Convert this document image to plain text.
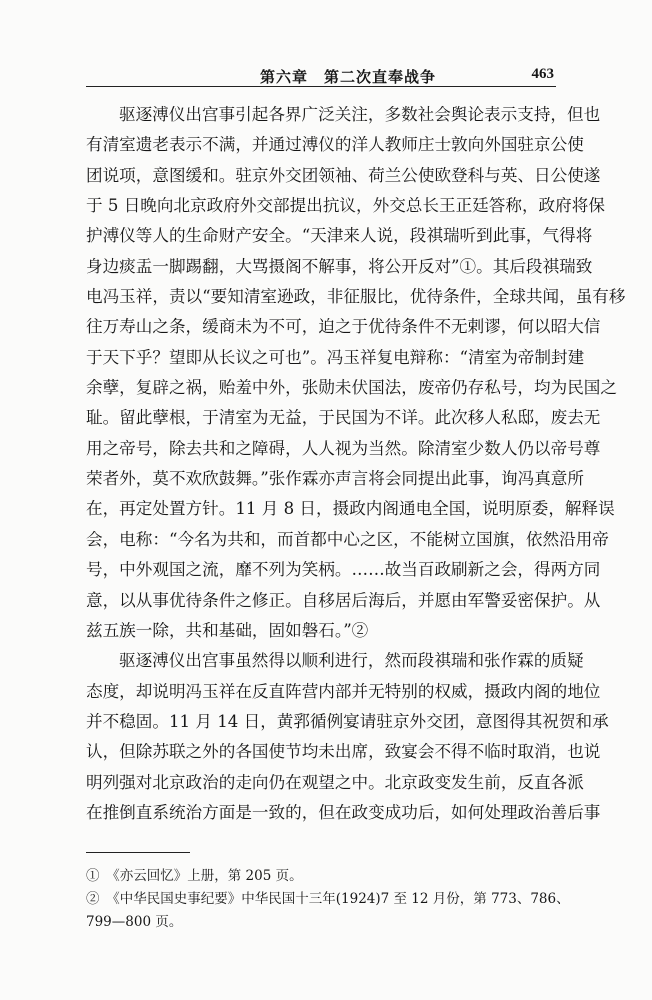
第六章　第二次直奉战争	463
驱逐溥仪出宫事引起各界广泛关注，多数社会舆论表示支持，但也
有清室遗老表示不满，并通过溥仪的洋人教师庄士敦向外国驻京公使
团说项，意图缓和。驻京外交团领袖、荷兰公使欧登科与英、日公使遂
于 5 日晚向北京政府外交部提出抗议，外交总长王正廷答称，政府将保
护溥仪等人的生命财产安全。“天津来人说，段祺瑞听到此事，气得将
身边痰盂一脚踢翻，大骂摄阁不解事，将公开反对”①。其后段祺瑞致
电冯玉祥，责以“要知清室逊政，非征服比，优待条件，全球共闻，虽有移
往万寿山之条，缓商未为不可，迫之于优待条件不无剌谬，何以昭大信
于天下乎？望即从长议之可也”。冯玉祥复电辩称：“清室为帝制封建
余孽，复辟之祸，贻羞中外，张勋未伏国法，废帝仍存私号，均为民国之
耻。留此孽根，于清室为无益，于民国为不详。此次移人私邸，废去无
用之帝号，除去共和之障碍，人人视为当然。除清室少数人仍以帝号尊
荣者外，莫不欢欣鼓舞。”张作霖亦声言将会同提出此事，询冯真意所
在，再定处置方针。11 月 8 日，摄政内阁通电全国，说明原委，解释误
会，电称：“今名为共和，而首都中心之区，不能树立国旗，依然沿用帝
号，中外观国之流，靡不列为笑柄。……故当百政刷新之会，得两方同
意，以从事优待条件之修正。自移居后海后，并愿由军警妥密保护。从
兹五族一除，共和基础，固如磐石。”②
驱逐溥仪出宫事虽然得以顺利进行，然而段祺瑞和张作霖的质疑
态度，却说明冯玉祥在反直阵营内部并无特别的权威，摄政内阁的地位
并不稳固。11 月 14 日，黄郛循例宴请驻京外交团，意图得其祝贺和承
认，但除苏联之外的各国使节均未出席，致宴会不得不临时取消，也说
明列强对北京政治的走向仍在观望之中。北京政变发生前，反直各派
在推倒直系统治方面是一致的，但在政变成功后，如何处理政治善后事
①　《亦云回忆》上册，第 205 页。
②　《中华民国史事纪要》中华民国十三年(1924)7 至 12 月份，第 773、786、
799—800 页。
